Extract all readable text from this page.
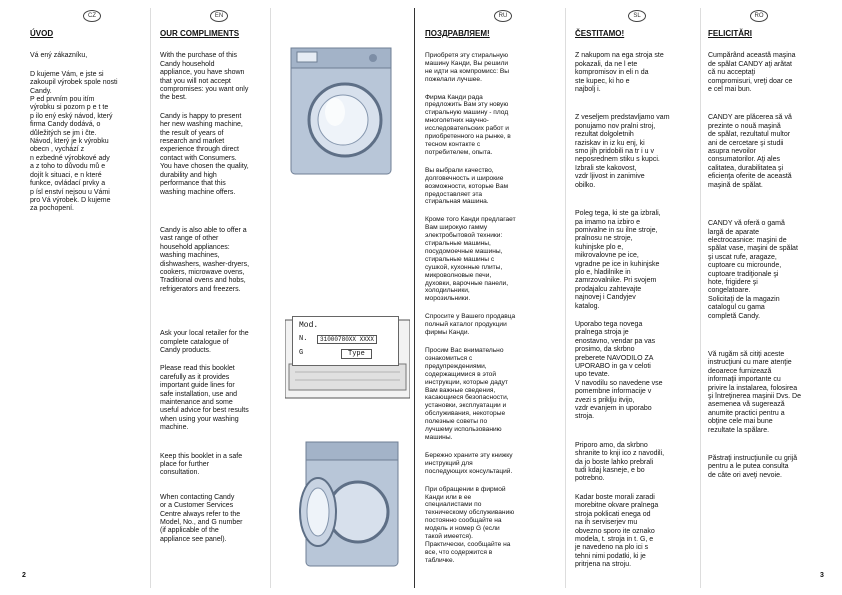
CZ	EN	RU	SL	RO
ÚVOD

Vá ený zákazníku,

D kujeme Vám, e jste si
zakoupil výrobek spole nosti
Candy.
P ed prvním pou itím
výrobku si pozorn p e t te
p ilo ený eský návod, který
firma Candy dodává, o
důležitých se jm i čte.
Návod, který je k výrobku
obecn , vychází z
n ezbedné výrobkové ady
a z toho to důvodu mů e
dojít k situaci, e n které
funkce, ovládací prvky a
p ísl enství nejsou u Vámi
pro Vá výrobek. D kujeme
za pochopení.

OUR COMPLIMENTS

With the purchase of this
Candy household
appliance, you have shown
that you will not accept
compromises: you want only
the best.

Candy is happy to present
her new washing machine,
the result of years of
research and market
experience through direct
contact with Consumers.
You have chosen the quality,
durability and high
performance that this
washing machine offers.

Candy is also able to offer a
vast range of other
household appliances:
washing machines,
dishwashers, washer-dryers,
cookers, microwave ovens,
Traditional ovens and hobs,
refrigerators and freezers.

Ask your local retailer for the
complete catalogue of
Candy products.

Please read this booklet
carefully as it provides
important guide lines for
safe installation, use and
maintenance and some
useful advice for best results
when using your washing
machine.

Keep this booklet in a safe
place for further
consultation.

When contacting Candy
or a Customer Services
Centre always refer to the
Model, No., and G number
(if applicable of the
appliance see panel).

Mod.
N.	31000780XX XXXX
G	Type
ПОЗДРАВЛЯЕМ!

Приобретя эту стиральную
машину Канди, Вы решили
не идти на компромисс: Вы
пожелали лучшее.

Фирма Канди рада
предложить Вам эту новую
стиральную машину - плод
многолетних научно-
исследовательских работ и
приобретенного на рынке, в
тесном контакте с
потребителем, опыта.

Вы выбрали качество,
долговечность и широкие
возможности, которые Вам
предоставляет эта
стиральная машина.

Кроме того Канди предлагает
Вам широкую гамму
электробытовой техники:
стиральные машины,
посудомоечные машины,
стиральные машины с
сушкой, кухонные плиты,
микроволновые печи,
духовки, варочные панели,
холодильники,
морозильники.

Спросите у Вашего продавца
полный каталог продукции
фирмы Канди.

Просим Вас внимательно
ознакомиться с
предупреждениями,
содержащимися в этой
инструкции, которые дадут
Вам важные сведения,
касающиеся безопасности,
установки, эксплуатации и
обслуживания, некоторые
полезные советы по
лучшему использованию
машины.

Бережно храните эту книжку
инструкций для
последующих консультаций.

При обращении в фирмой
Канди или в ее
специалистами по
техническому обслуживанию
постоянно сообщайте на
модель и номер G (если
такой имеется).
Практически, сообщайте на
все, что содержится в
табличке.

ČESTITAMO!

Z nakupom na ega stroja ste
pokazali, da ne l ete
kompromisov in eli n da
ste kupec, ki ho e
najbolj i.

Z veseljem predstavljamo vam
ponujamo nov pralni stroj,
rezultat dolgoletnih
raziskav in iz ku enj, ki
smo jih pridobili na tr i u v
neposrednem stiku s kupci.
Izbrali ste kakovost,
vzdr ljivost in zanimive
obilko.

Poleg tega, ki ste ga izbrali,
pa imamo na izbiro e
pomivalne in su ilne stroje,
pralnosu ne stroje,
kuhinjske plo e,
mikrovalovne pe ice,
vgradne pe ice in kuhinjske
plo e, hladilnike in
zamrzovalnike. Pri svojem
prodajalcu zahtevajte
najnovej i Candyjev
katalog.

Uporabo tega novega
pralnega stroja je
enostavno, vendar pa vas
prosimo, da skrbno
preberete NAVODILO ZA
UPORABO in ga v celoti
upo tevate.
V navodilu so navedene vse
pomembne informacije v
zvezi s priklju itvijo,
vzdr evanjem in uporabo
stroja.

Priporo amo, da skrbno
shranite to knji ico z navodili,
da jo boste lahko prebrali
tudi kdaj kasneje, e bo
potrebno.

Kadar boste morali zaradi
morebitne okvare pralnega
stroja poklicati enega od
na ih serviserjev mu
obvezno sporo ite oznako
modela, t. stroja in t. G, e
je navedeno na plo ici s
tehni nimi podatki, ki je
pritrjena na stroju.

FELICITĂRI

Cumpărând această maşina
de spălat CANDY aţi arătat
că nu acceptaţi
compromisuri, vreţi doar ce
e cel mai bun.

CANDY are plăcerea să vă
prezinte o nouă maşină
de spălat, rezultatul multor
ani de cercetare şi studii
asupra nevoilor
consumatorilor. Aţi ales
calitatea, durabilitatea şi
eficienţa oferite de această
maşină de spălat.

CANDY vă oferă o gamă
largă de aparate
electrocasnice: maşini de
spălat vase, maşini de spălat
şi uscat rufe, aragaze,
cuptoare cu microunde,
cuptoare tradiţionale şi
hote, frigidere şi
congelatoare.
Solicitaţi de la magazin
catalogul cu gama
completă Candy.

Vă rugăm să citiţi aceste
instrucţiuni cu mare atenţie
deoarece furnizează
informaţii importante cu
privire la instalarea, folosirea
şi întreţinerea maşinii Dvs. De
asemenea vă sugerează
anumite practici pentru a
obţine cele mai bune
rezultate la spălare.

Păstraţi instrucţiunile cu grijă
pentru a le putea consulta
de câte ori aveţi nevoie.

2	3
